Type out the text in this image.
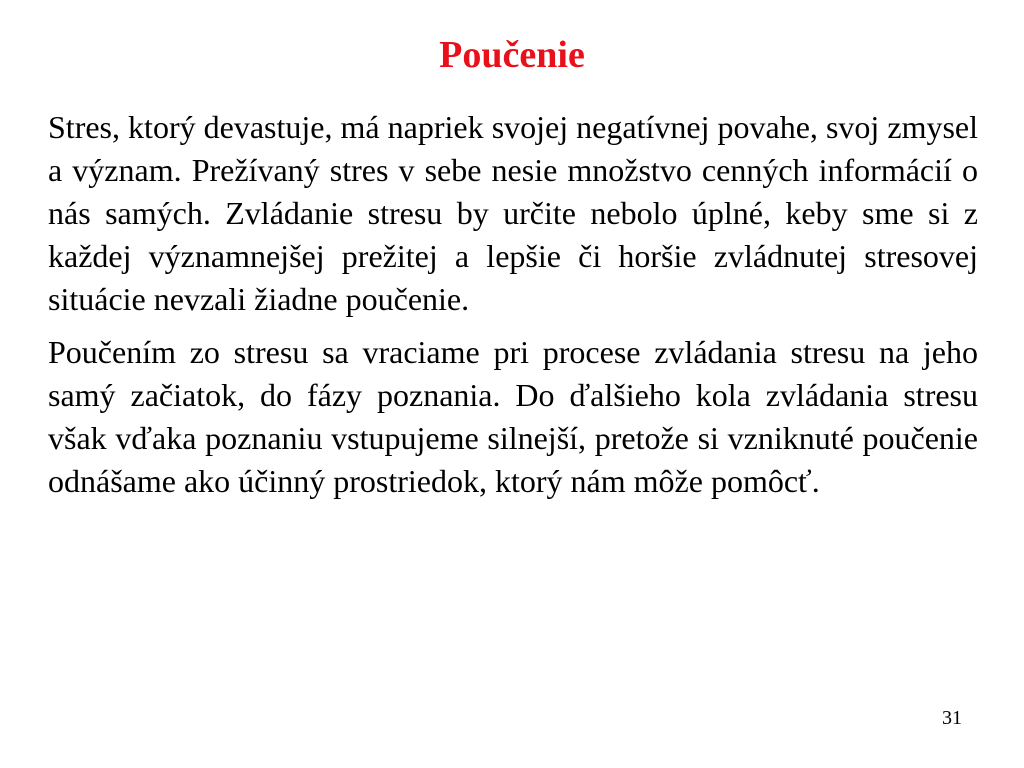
Poučenie

Stres, ktorý devastuje, má napriek svojej negatívnej povahe, svoj zmysel a význam. Prežívaný stres v sebe nesie množstvo cenných informácií o nás samých. Zvládanie stresu by určite nebolo úplné, keby sme si z každej významnejšej prežitej a lepšie či horšie zvládnutej stresovej situácie nevzali žiadne poučenie.

Poučením zo stresu sa vraciame pri procese zvládania stresu na jeho samý začiatok, do fázy poznania. Do ďalšieho kola zvládania stresu však vďaka poznaniu vstupujeme silnejší, pretože si vzniknuté poučenie odnášame ako účinný prostriedok, ktorý nám môže pomôcť.

31
